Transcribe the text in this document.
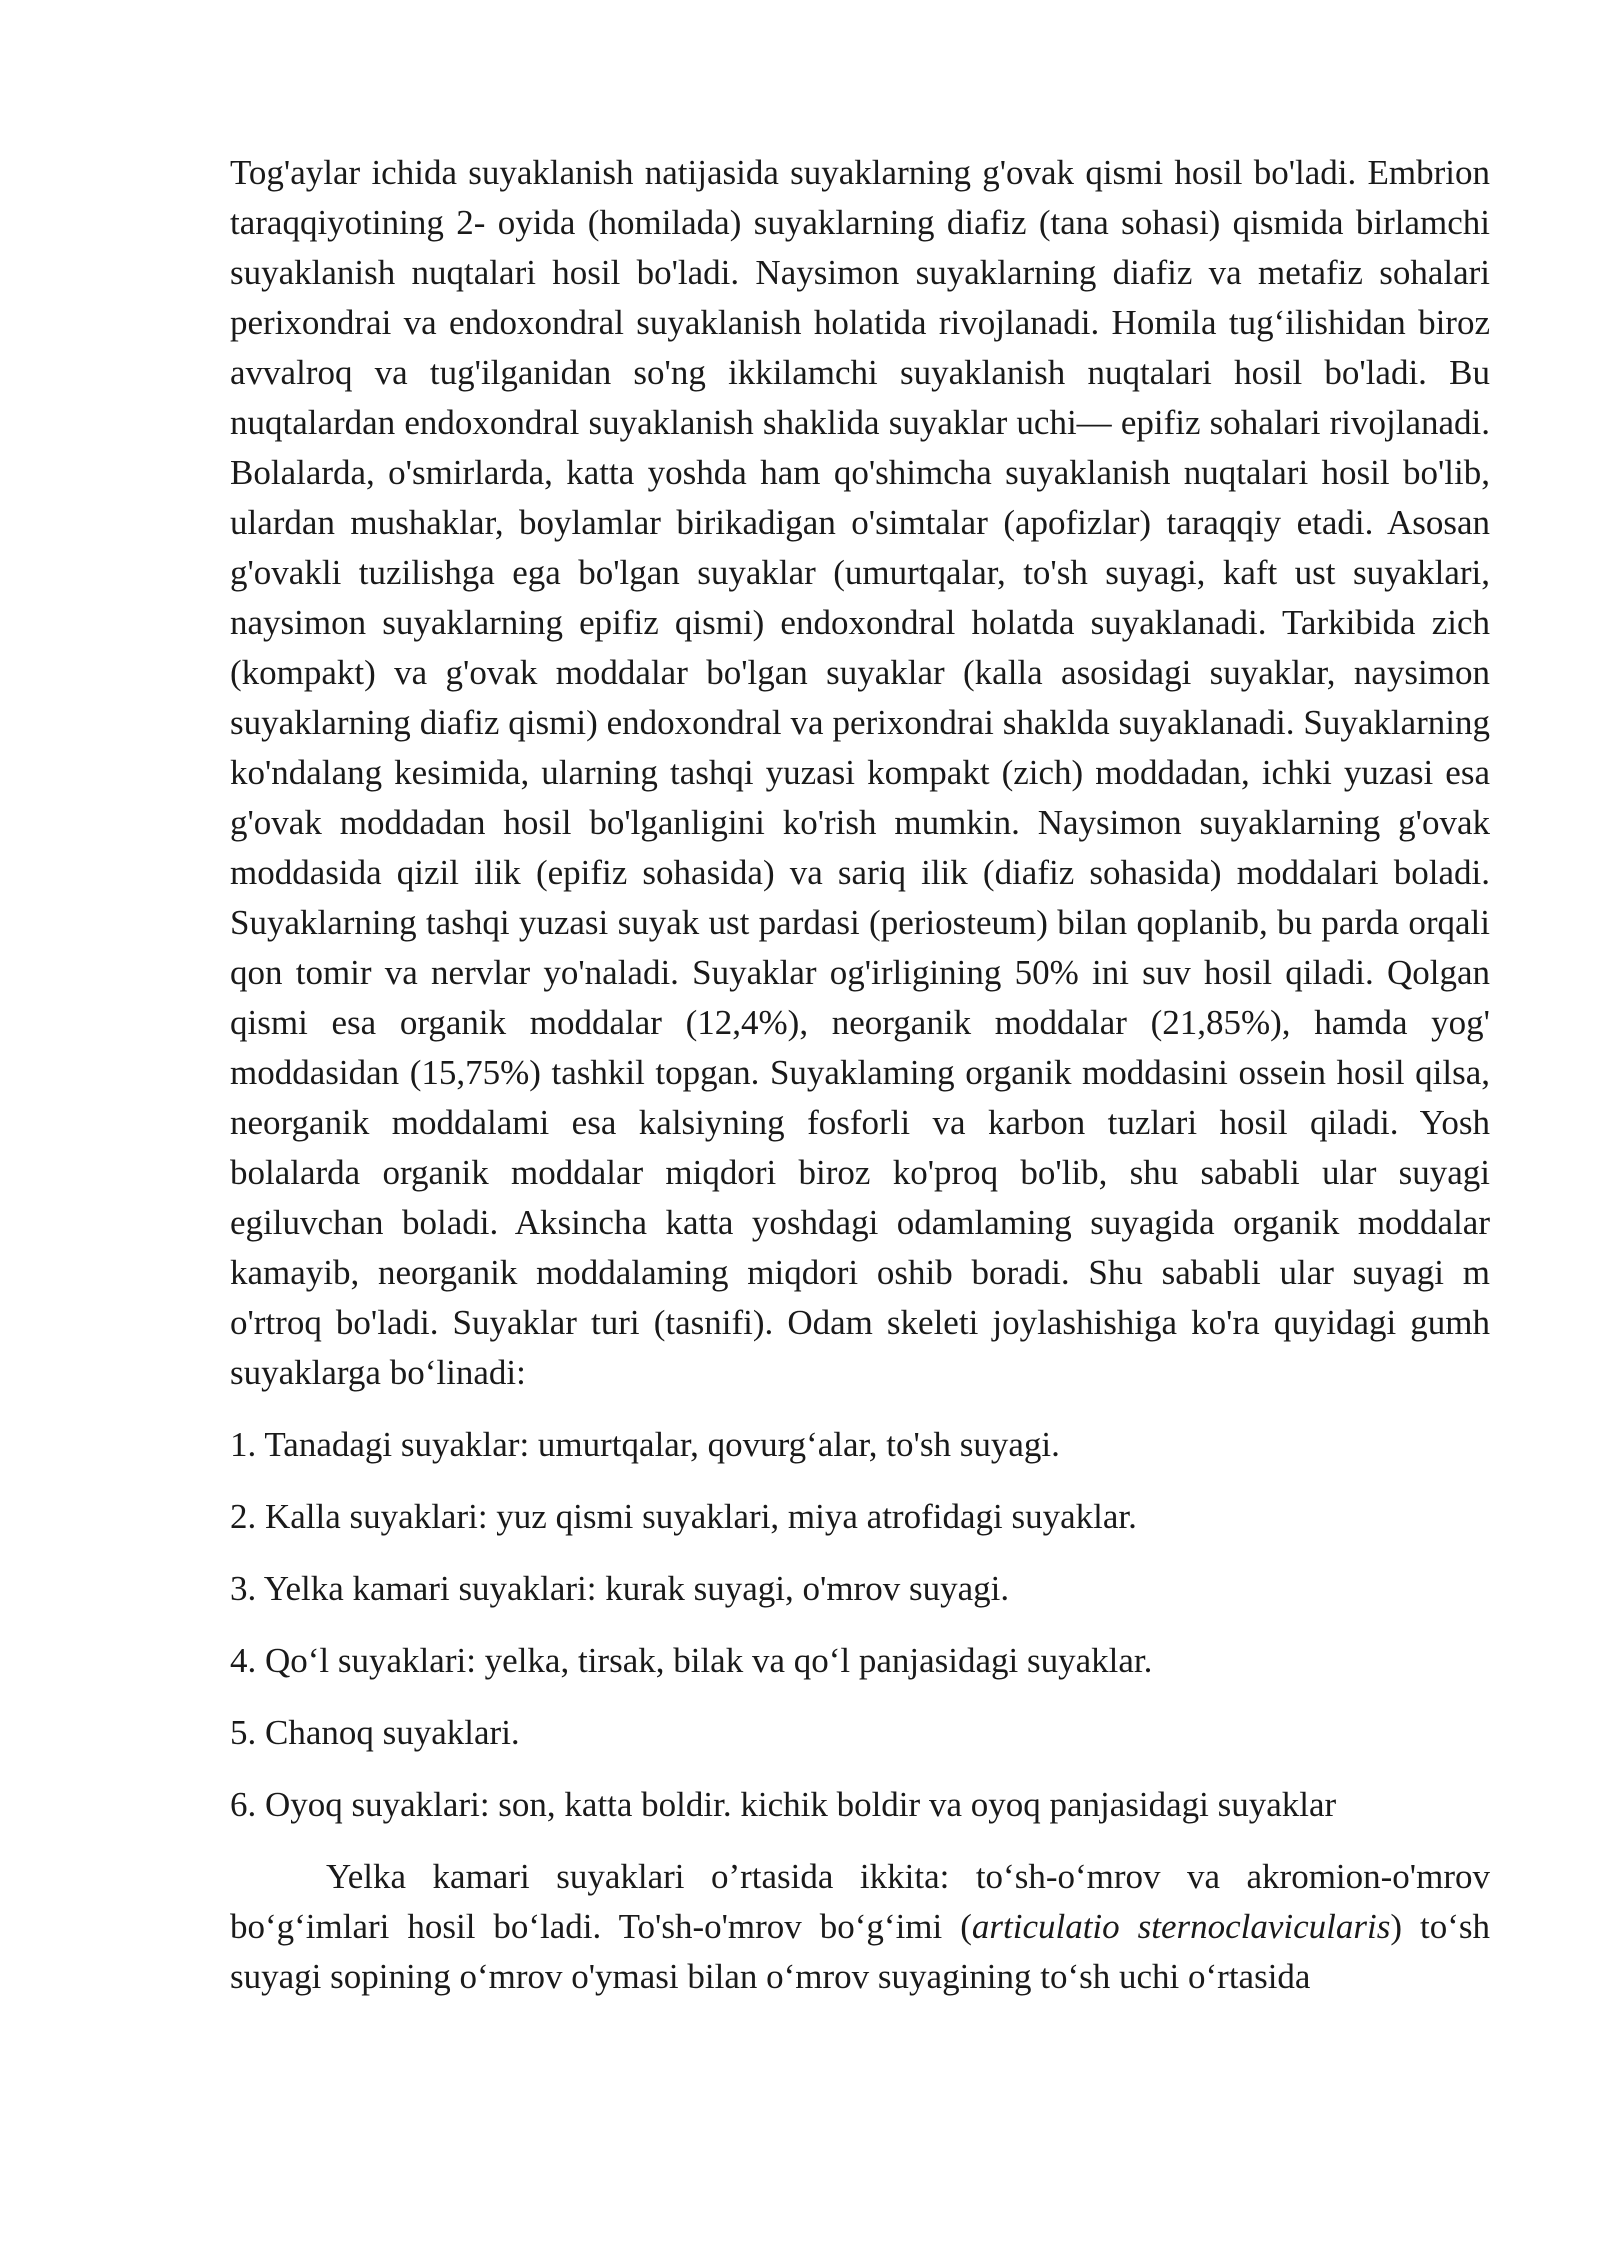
Tog'aylar ichida suyaklanish natijasida suyaklarning g'ovak qismi hosil bo'ladi. Embrion taraqqiyotining 2- oyida (homilada) suyaklarning diafiz (tana sohasi) qismida birlamchi suyaklanish nuqtalari hosil bo'ladi. Naysimon suyaklarning diafiz va metafiz sohalari perixondrai va endoxondral suyaklanish holatida rivojlanadi. Homila tug‘ilishidan biroz avvalroq va tug'ilganidan so'ng ikkilamchi suyaklanish nuqtalari hosil bo'ladi. Bu nuqtalardan endoxondral suyaklanish shaklida suyaklar uchi— epifiz sohalari rivojlanadi. Bolalarda, o'smirlarda, katta yoshda ham qo'shimcha suyaklanish nuqtalari hosil bo'lib, ulardan mushaklar, boylamlar birikadigan o'simtalar (apofizlar) taraqqiy etadi. Asosan g'ovakli tuzilishga ega bo'lgan suyaklar (umurtqalar, to'sh suyagi, kaft ust suyaklari, naysimon suyaklarning epifiz qismi) endoxondral holatda suyaklanadi. Tarkibida zich (kompakt) va g'ovak moddalar bo'lgan suyaklar (kalla asosidagi suyaklar, naysimon suyaklarning diafiz qismi) endoxondral va perixondrai shaklda suyaklanadi. Suyaklarning ko'ndalang kesimida, ularning tashqi yuzasi kompakt (zich) moddadan, ichki yuzasi esa g'ovak moddadan hosil bo'lganligini ko'rish mumkin. Naysimon suyaklarning g'ovak moddasida qizil ilik (epifiz sohasida) va sariq ilik (diafiz sohasida) moddalari boladi. Suyaklarning tashqi yuzasi suyak ust pardasi (periosteum) bilan qoplanib, bu parda orqali qon tomir va nervlar yo'naladi. Suyaklar og'irligining 50% ini suv hosil qiladi. Qolgan qismi esa organik moddalar (12,4%), neorganik moddalar (21,85%), hamda yog' moddasidan (15,75%) tashkil topgan. Suyaklaming organik moddasini ossein hosil qilsa, neorganik moddalami esa kalsiyning fosforli va karbon tuzlari hosil qiladi. Yosh bolalarda organik moddalar miqdori biroz ko'proq bo'lib, shu sababli ular suyagi egiluvchan boladi. Aksincha katta yoshdagi odamlaming suyagida organik moddalar kamayib, neorganik moddalaming miqdori oshib boradi. Shu sababli ular suyagi m o'rtroq bo'ladi. Suyaklar turi (tasnifi). Odam skeleti joylashishiga ko'ra quyidagi gumh suyaklarga bo‘linadi:

1. Tanadagi suyaklar: umurtqalar, qovurg‘alar, to'sh suyagi.
2. Kalla suyaklari: yuz qismi suyaklari, miya atrofidagi suyaklar.
3. Yelka kamari suyaklari: kurak suyagi, o'mrov suyagi.
4. Qo‘l suyaklari: yelka, tirsak, bilak va qo‘l panjasidagi suyaklar.
5. Chanoq suyaklari.
6. Oyoq suyaklari: son, katta boldir. kichik boldir va oyoq panjasidagi suyaklar

Yelka kamari suyaklari o’rtasida ikkita: to‘sh-o‘mrov va akromion-o'mrov bo‘g‘imlari hosil bo‘ladi. To'sh-o'mrov bo‘g‘imi (articulatio sternoclavicularis) to‘sh suyagi sopining o‘mrov o'ymasi bilan o‘mrov suyagining to‘sh uchi o‘rtasida
